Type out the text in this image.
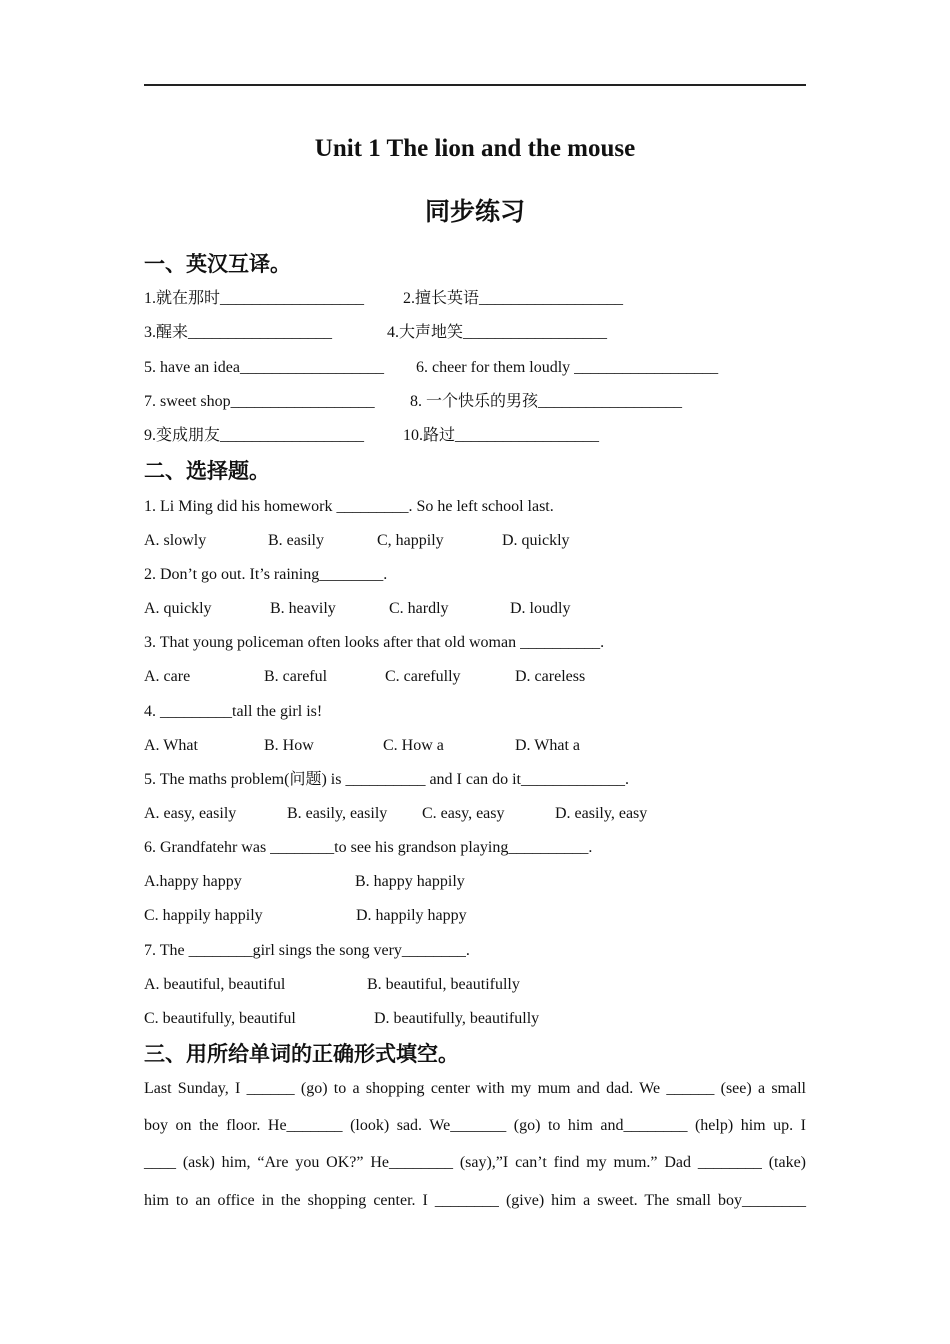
Unit 1 The lion and the mouse
同步练习
一、英汉互译。
1.就在那时__________________ 2.擅长英语__________________
3.醒来__________________	4.大声地笑__________________
5. have an idea__________________ 6. cheer for them loudly __________________
7. sweet shop__________________ 8. 一个快乐的男孩__________________
9.变成朋友__________________ 10.路过__________________
二、选择题。
1. Li Ming did his homework _________. So he left school last.
A. slowly	B. easily	C, happily	D. quickly
2. Don’t go out. It’s raining________.
A. quickly	B. heavily	C. hardly	D. loudly
3. That young policeman often looks after that old woman __________.
A. care	B. careful	C. carefully	D. careless
4. _________tall the girl is!
A. What	B. How	C. How a	D. What a
5. The maths problem(问题) is __________ and I can do it_____________.
A. easy, easily	B. easily, easily C. easy, easy	D. easily, easy
6. Grandfatehr was ________to see his grandson playing__________.
A.happy happy	B. happy happily
C. happily happily	D. happily happy
7. The ________girl sings the song very________.
A. beautiful, beautiful	B. beautiful, beautifully
C. beautifully, beautiful	D. beautifully, beautifully
三、用所给单词的正确形式填空。
Last Sunday, I ______ (go) to a shopping center with my mum and dad. We ______ (see) a small
boy on the floor. He_______ (look) sad. We_______ (go) to him and________ (help) him up. I
____ (ask) him, “Are you OK?” He________ (say),”I can’t find my mum.” Dad ________ (take)
him to an office in the shopping center. I ________ (give) him a sweet. The small boy________
